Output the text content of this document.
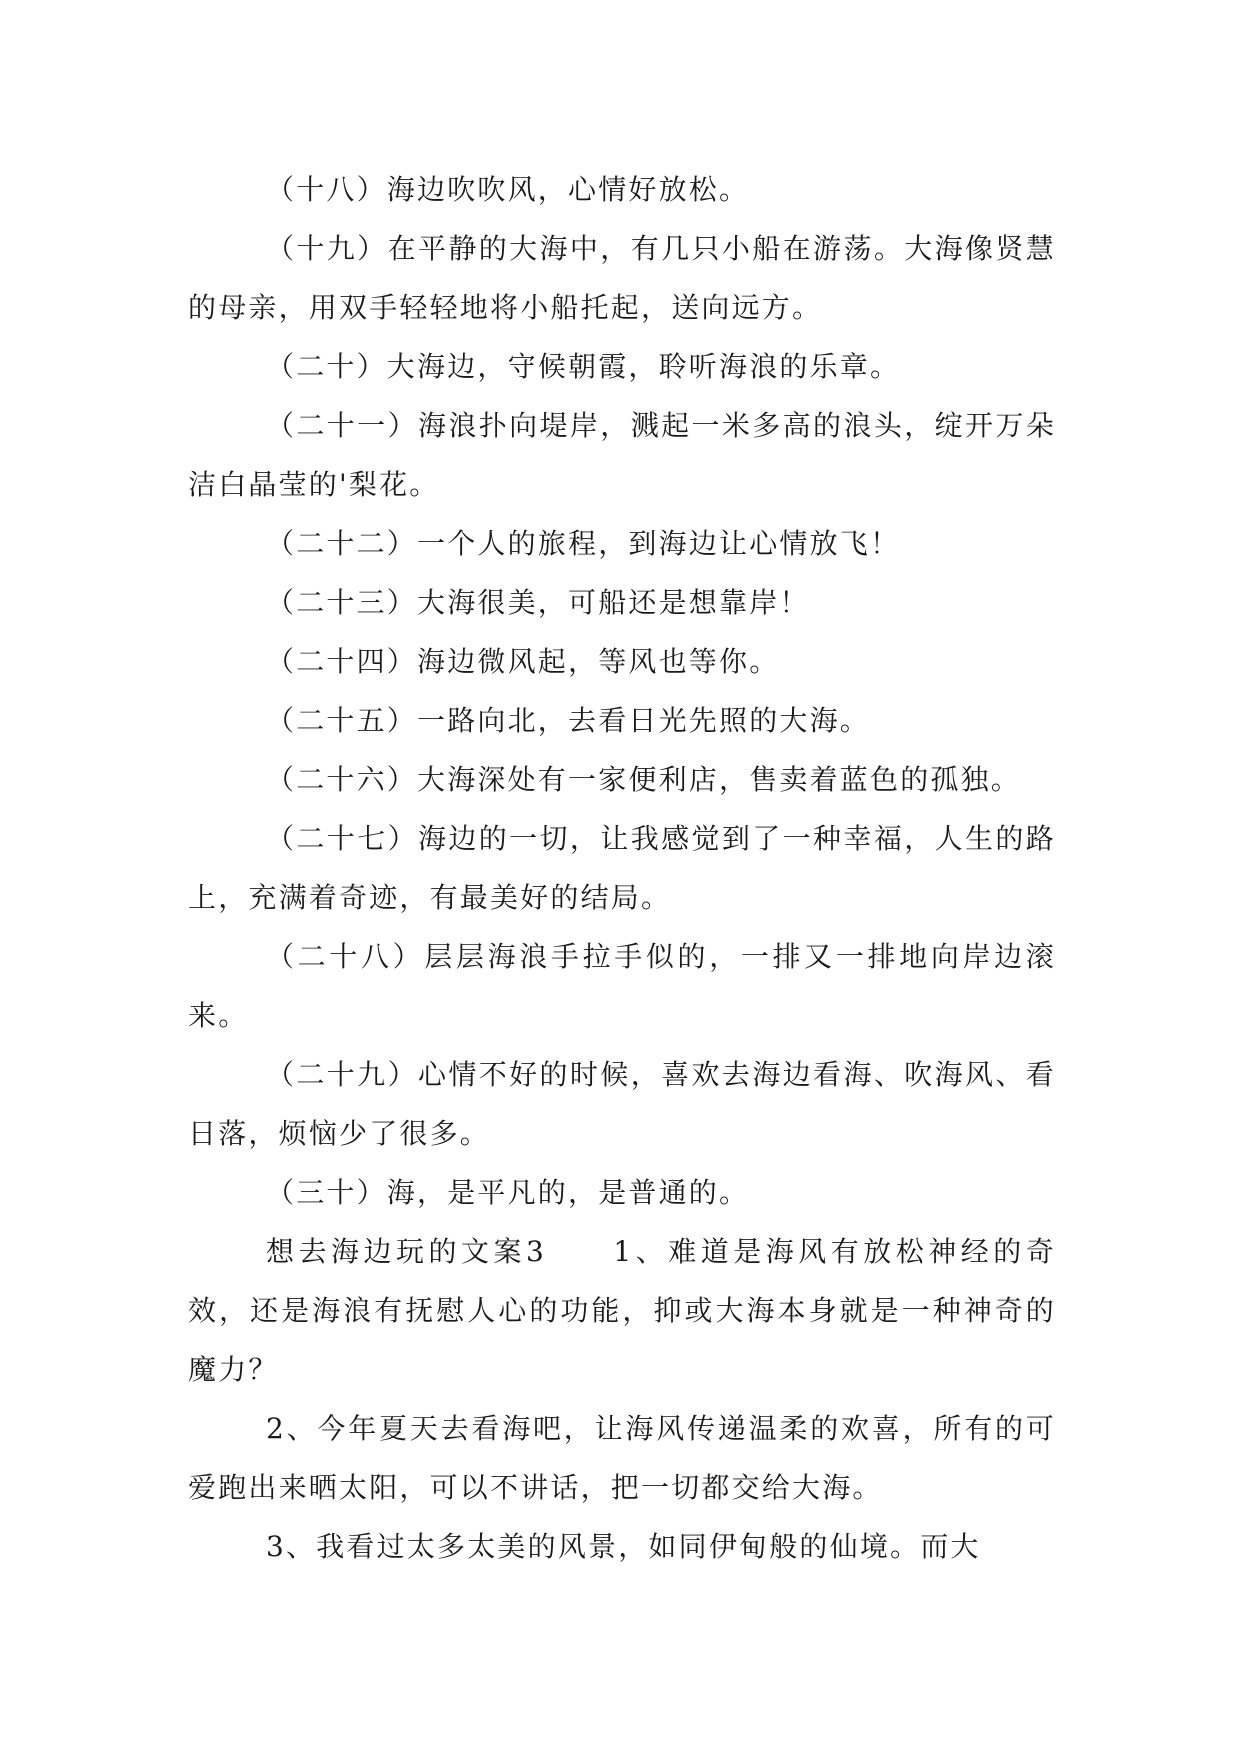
（十八）海边吹吹风，心情好放松。

（十九）在平静的大海中，有几只小船在游荡。大海像贤慧的母亲，用双手轻轻地将小船托起，送向远方。

（二十）大海边，守候朝霞，聆听海浪的乐章。

（二十一）海浪扑向堤岸，溅起一米多高的浪头，绽开万朵洁白晶莹的'梨花。

（二十二）一个人的旅程，到海边让心情放飞！

（二十三）大海很美，可船还是想靠岸！

（二十四）海边微风起，等风也等你。

（二十五）一路向北，去看日光先照的大海。

（二十六）大海深处有一家便利店，售卖着蓝色的孤独。

（二十七）海边的一切，让我感觉到了一种幸福，人生的路上，充满着奇迹，有最美好的结局。

（二十八）层层海浪手拉手似的，一排又一排地向岸边滚来。

（二十九）心情不好的时候，喜欢去海边看海、吹海风、看日落，烦恼少了很多。

（三十）海，是平凡的，是普通的。

想去海边玩的文案3　　1、难道是海风有放松神经的奇效，还是海浪有抚慰人心的功能，抑或大海本身就是一种神奇的魔力？

2、今年夏天去看海吧，让海风传递温柔的欢喜，所有的可爱跑出来晒太阳，可以不讲话，把一切都交给大海。

3、我看过太多太美的风景，如同伊甸般的仙境。而大
